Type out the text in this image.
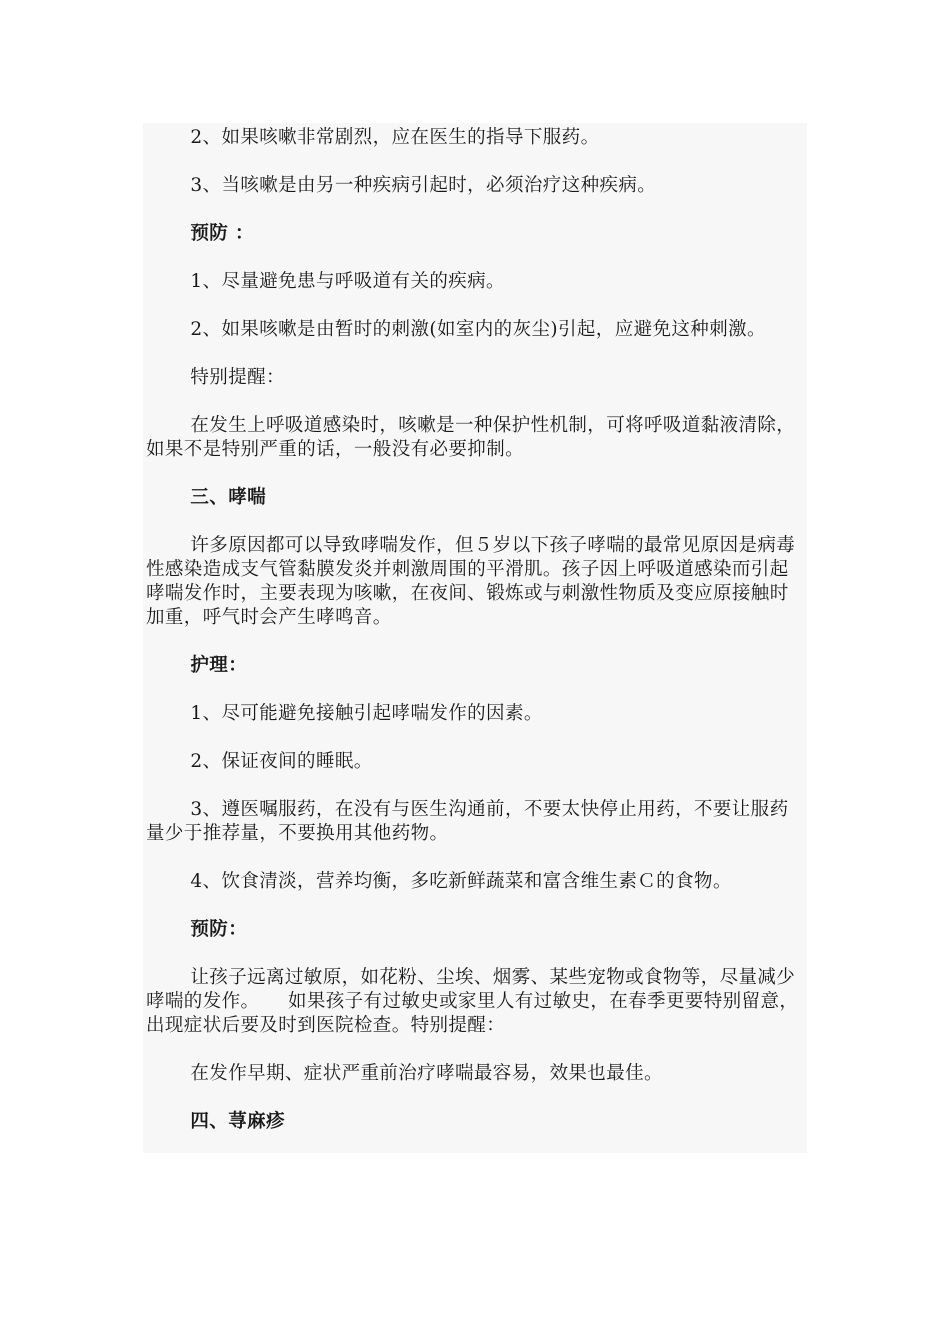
2、如果咳嗽非常剧烈，应在医生的指导下服药。

3、当咳嗽是由另一种疾病引起时，必须治疗这种疾病。

预防 ：

1、尽量避免患与呼吸道有关的疾病。

2、如果咳嗽是由暂时的刺激(如室内的灰尘)引起，应避免这种刺激。

特别提醒：

在发生上呼吸道感染时，咳嗽是一种保护性机制，可将呼吸道黏液清除，如果不是特别严重的话，一般没有必要抑制。

三、哮喘

许多原因都可以导致哮喘发作，但５岁以下孩子哮喘的最常见原因是病毒性感染造成支气管黏膜发炎并刺激周围的平滑肌。孩子因上呼吸道感染而引起哮喘发作时，主要表现为咳嗽，在夜间、锻炼或与刺激性物质及变应原接触时加重，呼气时会产生哮鸣音。

护理：

1、尽可能避免接触引起哮喘发作的因素。

2、保证夜间的睡眠。

3、遵医嘱服药，在没有与医生沟通前，不要太快停止用药，不要让服药量少于推荐量，不要换用其他药物。

4、饮食清淡，营养均衡，多吃新鲜蔬菜和富含维生素Ｃ的食物。

预防：

让孩子远离过敏原，如花粉、尘埃、烟雾、某些宠物或食物等，尽量减少哮喘的发作。　　如果孩子有过敏史或家里人有过敏史，在春季更要特别留意，出现症状后要及时到医院检查。特别提醒：

在发作早期、症状严重前治疗哮喘最容易，效果也最佳。

四、荨麻疹
